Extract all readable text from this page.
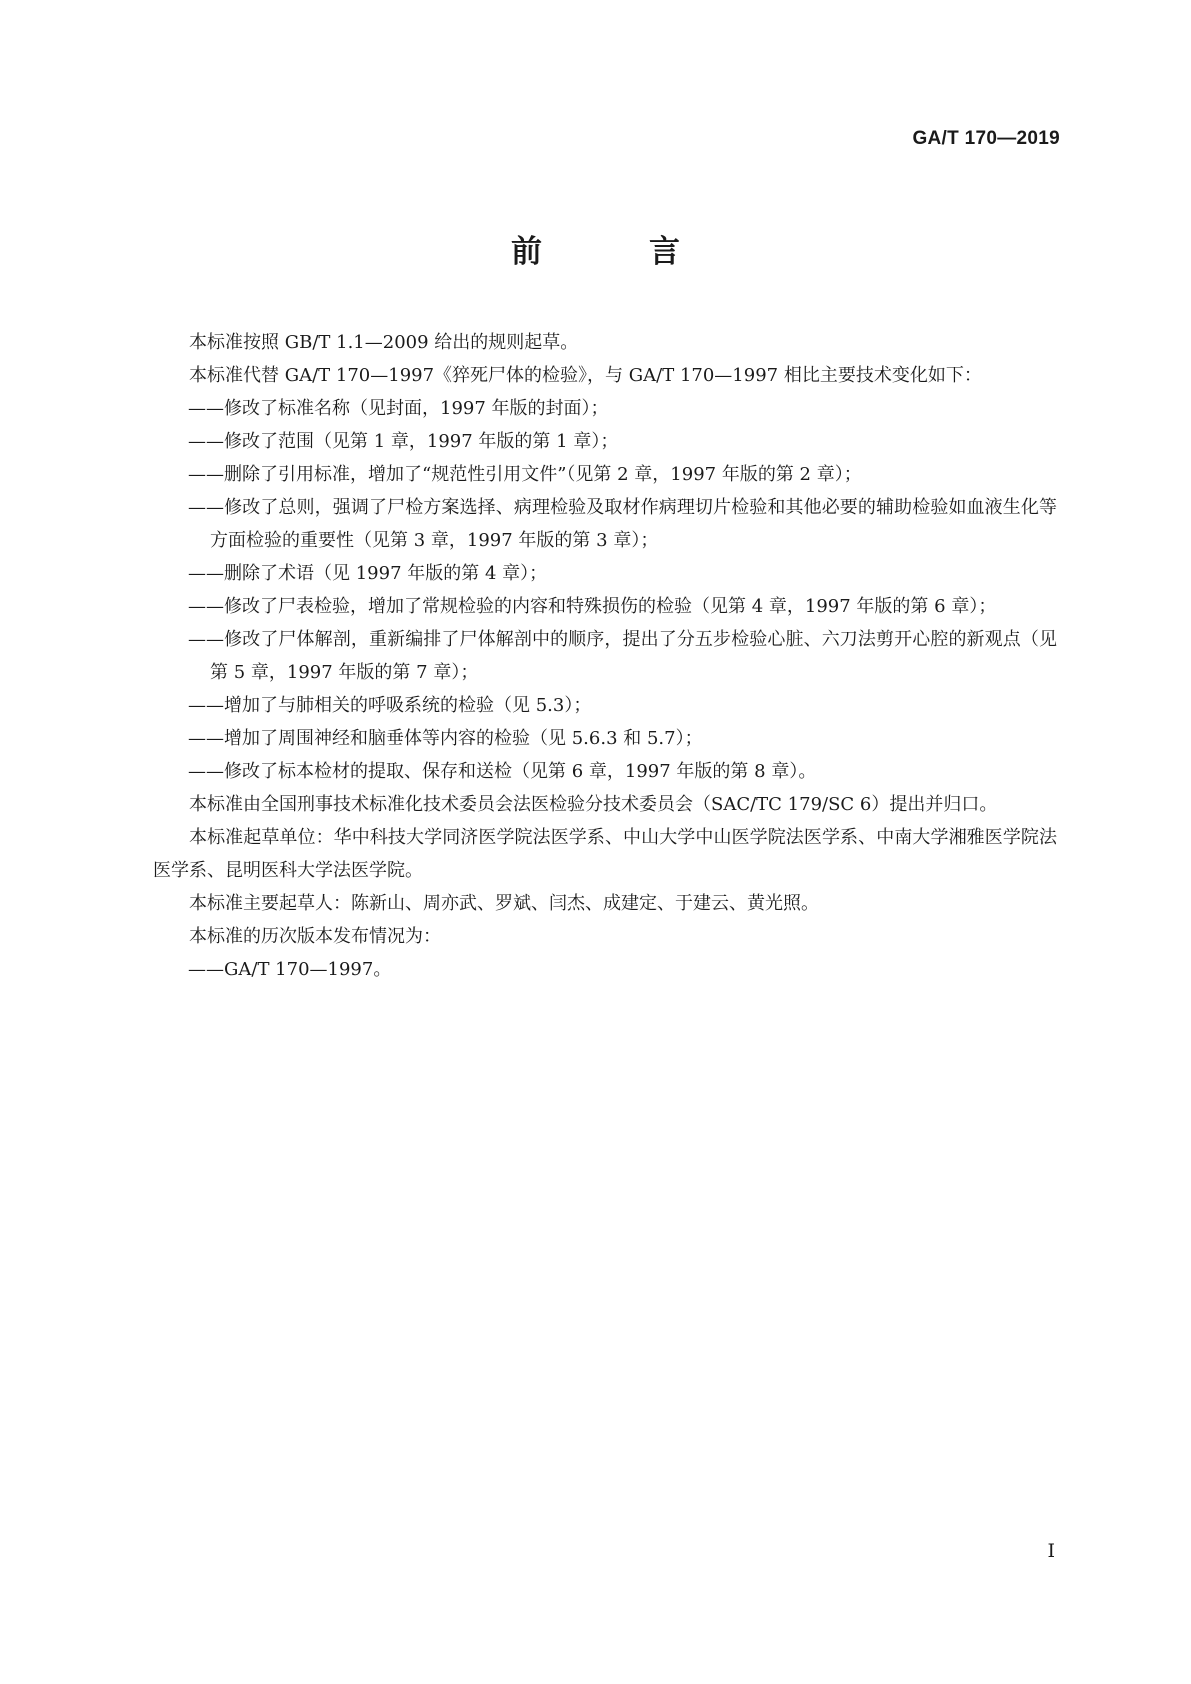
GA/T 170—2019
前　言

本标准按照 GB/T 1.1—2009 给出的规则起草。

本标准代替 GA/T 170—1997《猝死尸体的检验》，与 GA/T 170—1997 相比主要技术变化如下：

——修改了标准名称（见封面，1997 年版的封面）；

——修改了范围（见第 1 章，1997 年版的第 1 章）；

——删除了引用标准，增加了“规范性引用文件”（见第 2 章，1997 年版的第 2 章）；

——修改了总则，强调了尸检方案选择、病理检验及取材作病理切片检验和其他必要的辅助检验如血液生化等方面检验的重要性（见第 3 章，1997 年版的第 3 章）；

——删除了术语（见 1997 年版的第 4 章）；

——修改了尸表检验，增加了常规检验的内容和特殊损伤的检验（见第 4 章，1997 年版的第 6 章）；

——修改了尸体解剖，重新编排了尸体解剖中的顺序，提出了分五步检验心脏、六刀法剪开心腔的新观点（见第 5 章，1997 年版的第 7 章）；

——增加了与肺相关的呼吸系统的检验（见 5.3）；

——增加了周围神经和脑垂体等内容的检验（见 5.6.3 和 5.7）；

——修改了标本检材的提取、保存和送检（见第 6 章，1997 年版的第 8 章）。

本标准由全国刑事技术标准化技术委员会法医检验分技术委员会（SAC/TC 179/SC 6）提出并归口。

本标准起草单位：华中科技大学同济医学院法医学系、中山大学中山医学院法医学系、中南大学湘雅医学院法医学系、昆明医科大学法医学院。

本标准主要起草人：陈新山、周亦武、罗斌、闫杰、成建定、于建云、黄光照。

本标准的历次版本发布情况为：

——GA/T 170—1997。

I
